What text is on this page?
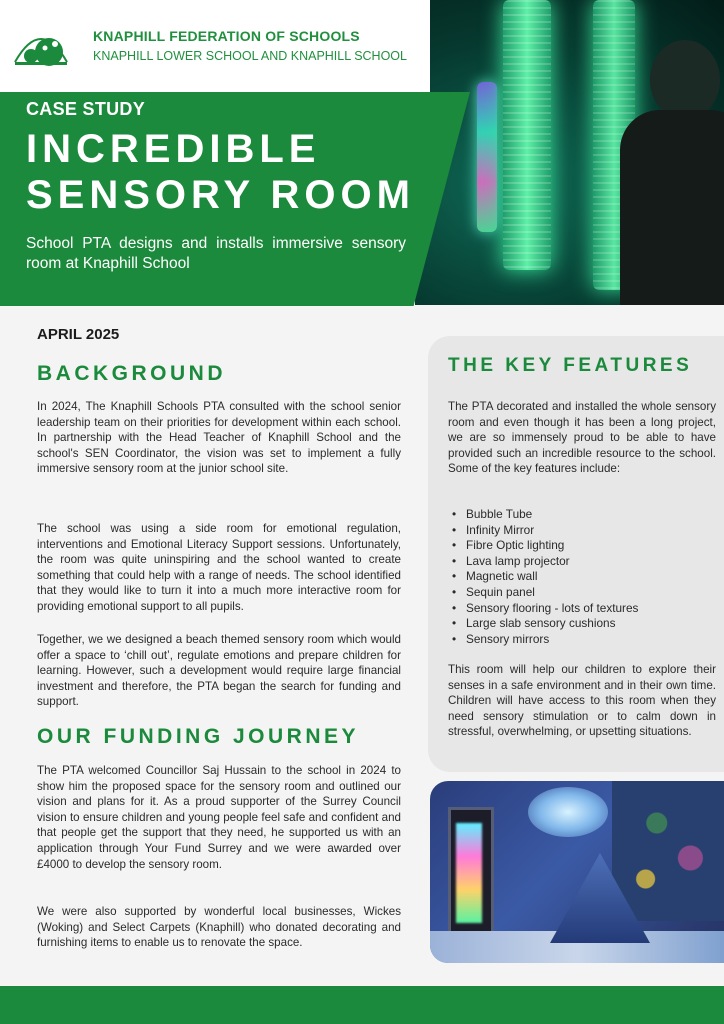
KNAPHILL FEDERATION OF SCHOOLS
KNAPHILL LOWER SCHOOL AND KNAPHILL SCHOOL
CASE STUDY
INCREDIBLE
SENSORY ROOM
School PTA designs and installs immersive sensory room at Knaphill School
APRIL 2025
BACKGROUND
In 2024, The Knaphill Schools PTA consulted with the school senior leadership team on their priorities for development within each school. In partnership with the Head Teacher of Knaphill School and the school's SEN Coordinator, the vision was set to implement a fully immersive sensory room at the junior school site.
The school was using a side room for emotional regulation, interventions and Emotional Literacy Support sessions. Unfortunately, the room was quite uninspiring and the school wanted to create something that could help with a range of needs. The school identified that they would like to turn it into a much more interactive room for providing emotional support to all pupils.
Together, we we designed a beach themed sensory room which would offer a space to ‘chill out’, regulate emotions and prepare children for learning. However, such a development would require large financial investment and therefore, the PTA began the search for funding and support.
OUR FUNDING JOURNEY
The PTA welcomed Councillor Saj Hussain to the school in 2024 to show him the proposed space for the sensory room and outlined our vision and plans for it. As a proud supporter of the Surrey Council vision to ensure children and young people feel safe and confident and that people get the support that they need, he supported us with an application through Your Fund Surrey and we were awarded over £4000 to develop the sensory room.
We were also supported by wonderful local businesses, Wickes (Woking) and Select Carpets (Knaphill) who donated decorating and furnishing items to enable us to renovate the space.
THE KEY FEATURES
The PTA decorated and installed the whole sensory room and even though it has been a long project, we are so immensely proud to be able to have provided such an incredible resource to the school. Some of the key features include:
• Bubble Tube
• Infinity Mirror
• Fibre Optic lighting
• Lava lamp projector
• Magnetic wall
• Sequin panel
• Sensory flooring - lots of textures
• Large slab sensory cushions
• Sensory mirrors
This room will help our children to explore their senses in a safe environment and in their own time. Children will have access to this room when they need sensory stimulation or to calm down in stressful, overwhelming, or upsetting situations.
